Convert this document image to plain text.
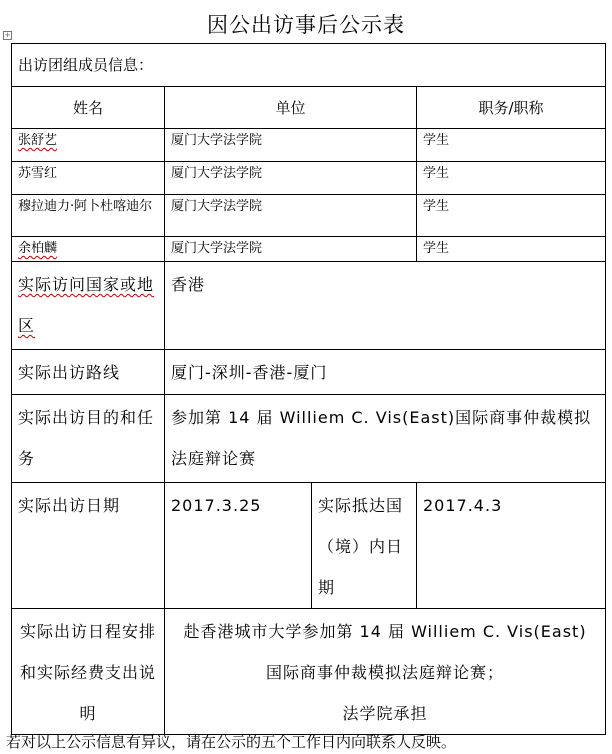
因公出访事后公示表
+
出访团组成员信息：			
姓名	单位		职务/职称
张舒艺	厦门大学法学院		学生
苏雪红	厦门大学法学院		学生
穆拉迪力·阿卜杜喀迪尔	厦门大学法学院		学生
余柏麟	厦门大学法学院		学生
实际访问国家或地区	香港		
实际出访路线	厦门-深圳-香港-厦门		
实际出访目的和任务	参加第 14 届 Williem C. Vis(East)国际商事仲裁模拟法庭辩论赛		
实际出访日期	2017.3.25	实际抵达国（境）内日期	2017.4.3
实际出访日程安排和实际经费支出说明	赴香港城市大学参加第 14 届 Williem C. Vis(East)
国际商事仲裁模拟法庭辩论赛；
法学院承担		
若对以上公示信息有异议，请在公示的五个工作日内向联系人反映。
